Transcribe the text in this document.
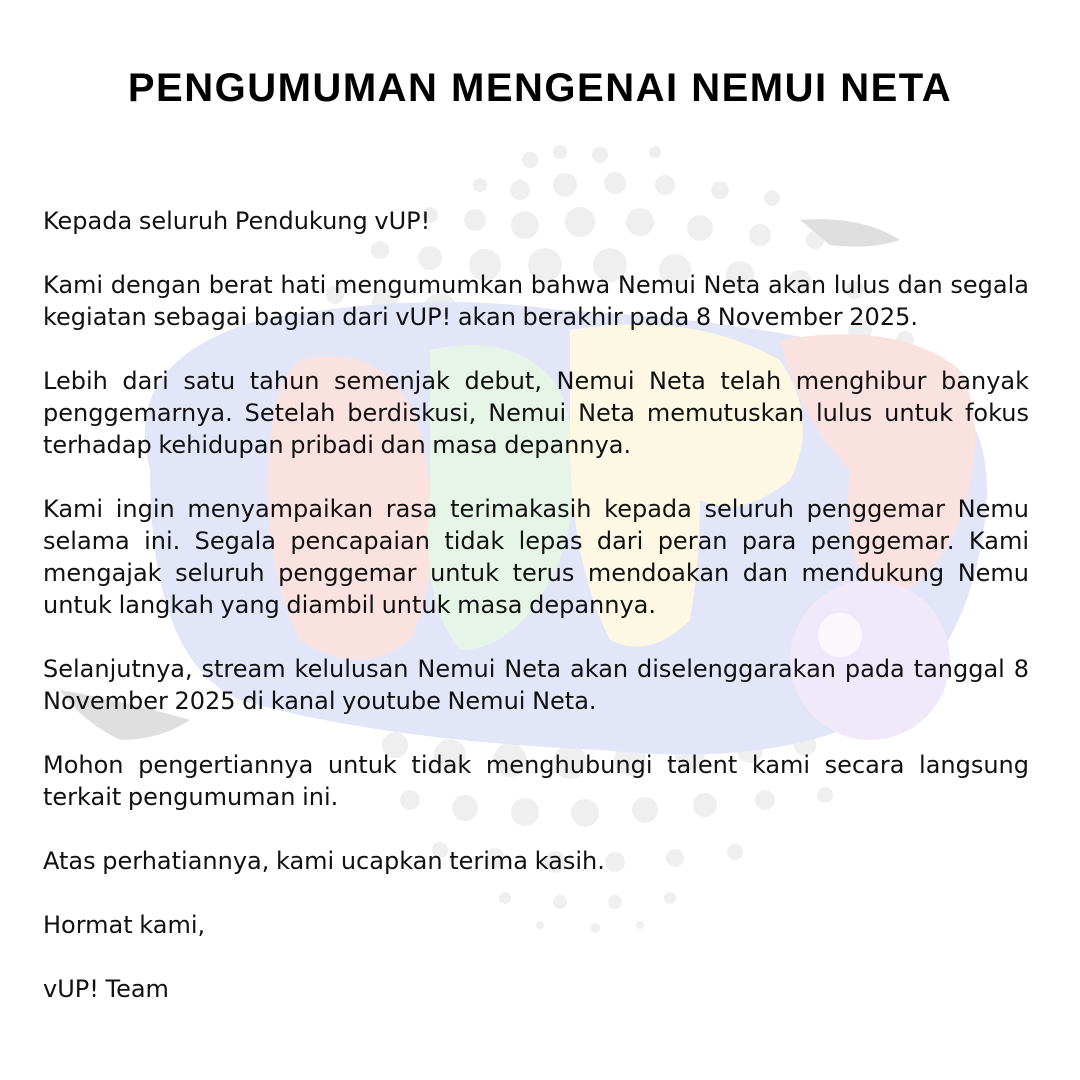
PENGUMUMAN MENGENAI NEMUI NETA

Kepada seluruh Pendukung vUP!

Kami dengan berat hati mengumumkan bahwa Nemui Neta akan lulus dan segala kegiatan sebagai bagian dari vUP! akan berakhir pada 8 November 2025.

Lebih dari satu tahun semenjak debut, Nemui Neta telah menghibur banyak penggemarnya. Setelah berdiskusi, Nemui Neta memutuskan lulus untuk fokus terhadap kehidupan pribadi dan masa depannya.

Kami ingin menyampaikan rasa terimakasih kepada seluruh penggemar Nemu selama ini. Segala pencapaian tidak lepas dari peran para penggemar. Kami mengajak seluruh penggemar untuk terus mendoakan dan mendukung Nemu untuk langkah yang diambil untuk masa depannya.

Selanjutnya, stream kelulusan Nemui Neta akan diselenggarakan pada tanggal 8 November 2025 di kanal youtube Nemui Neta.

Mohon pengertiannya untuk tidak menghubungi talent kami secara langsung terkait pengumuman ini.

Atas perhatiannya, kami ucapkan terima kasih.

Hormat kami,

vUP! Team
